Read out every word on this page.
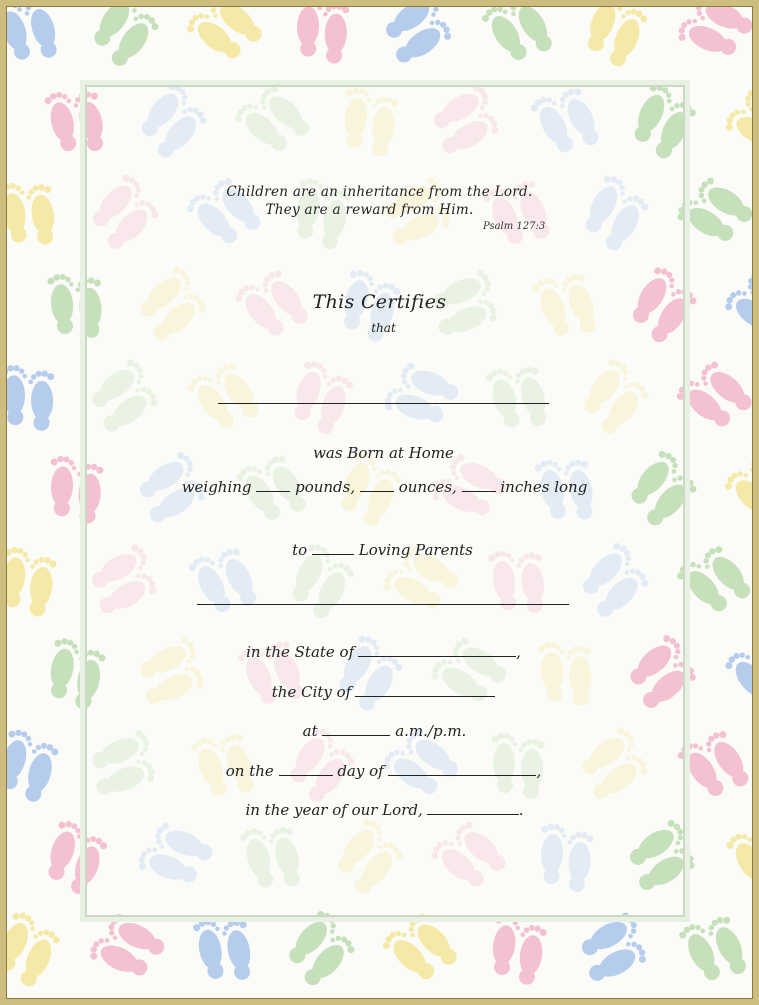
Children are an inheritance from the Lord.
They are a reward from Him.
Psalm 127:3
This Certifies
that
was Born at Home
weighing	pounds,	ounces,	inches long
to	Loving Parents
in the State of	,
the City of
at	a.m./p.m.
on the	day of	,
in the year of our Lord,	.
